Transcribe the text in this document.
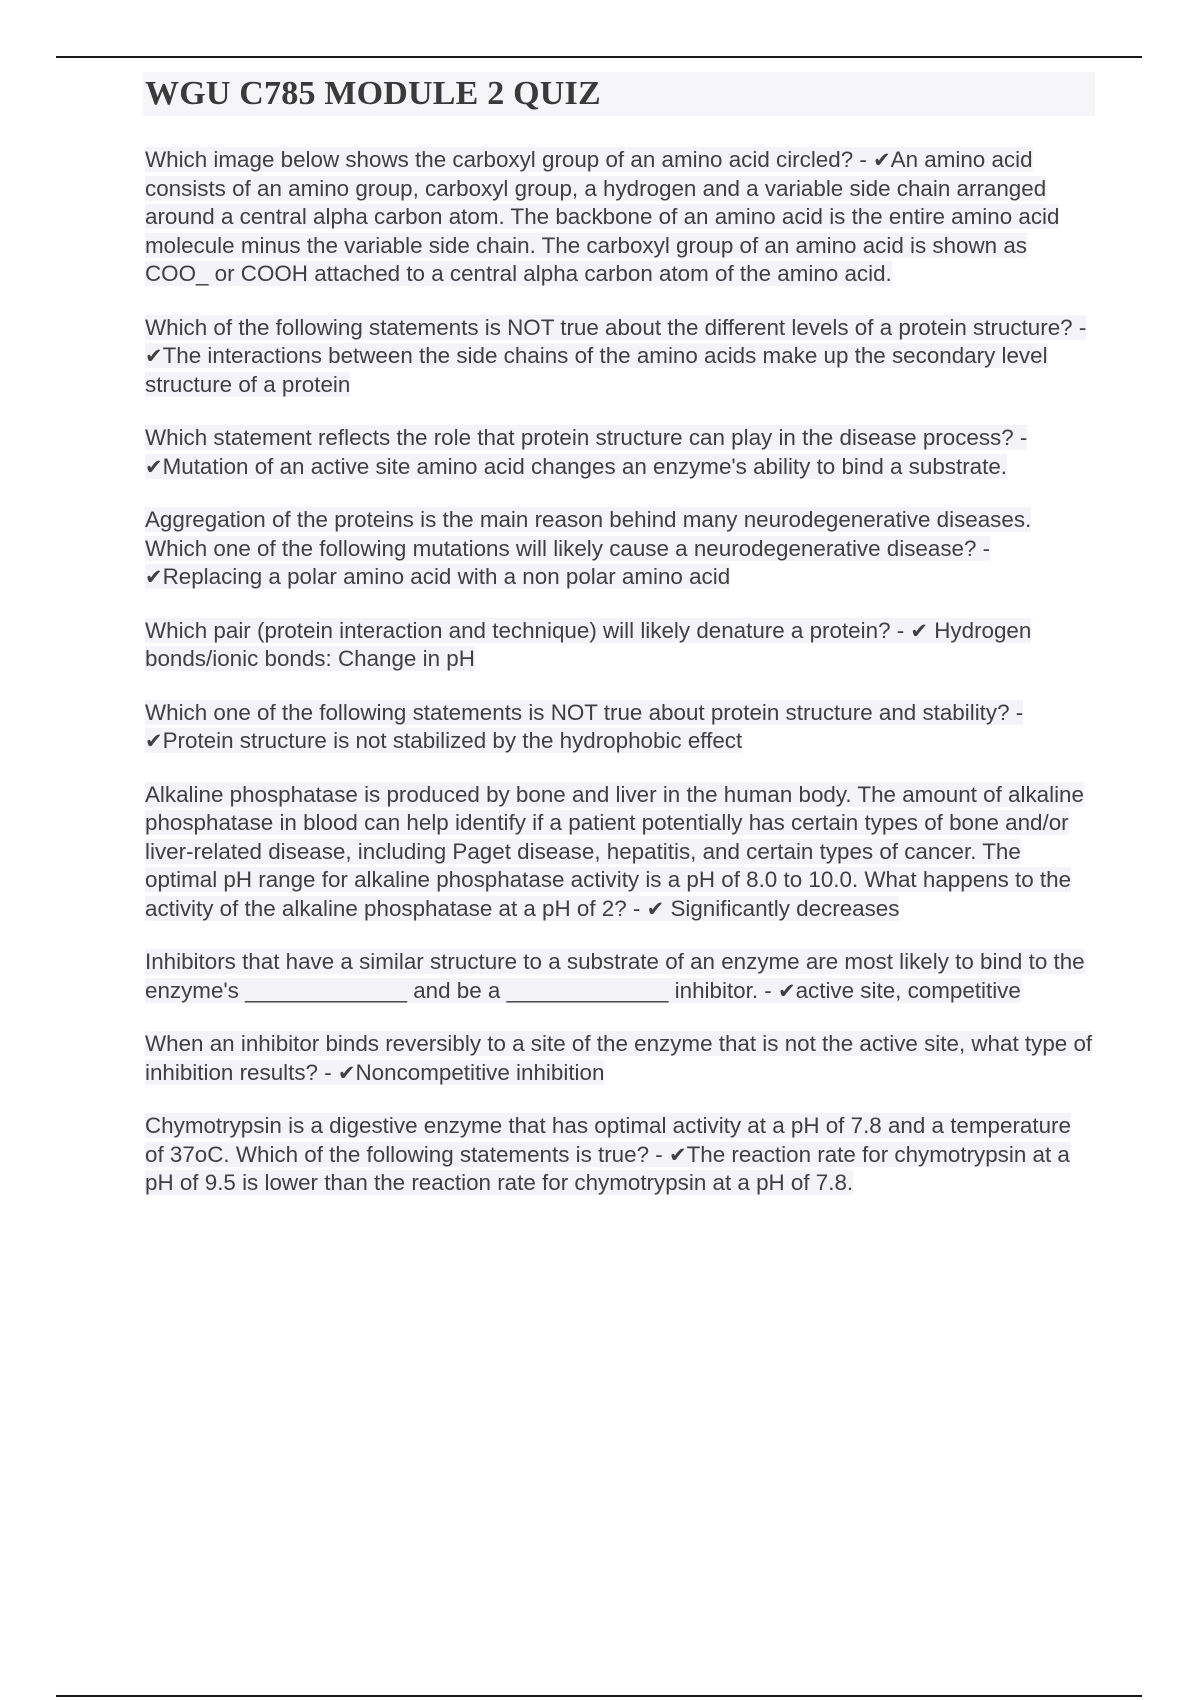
WGU C785 MODULE 2 QUIZ

Which image below shows the carboxyl group of an amino acid circled? - ✔An amino acid consists of an amino group, carboxyl group, a hydrogen and a variable side chain arranged around a central alpha carbon atom. The backbone of an amino acid is the entire amino acid molecule minus the variable side chain. The carboxyl group of an amino acid is shown as COO_ or COOH attached to a central alpha carbon atom of the amino acid.

Which of the following statements is NOT true about the different levels of a protein structure? - ✔The interactions between the side chains of the amino acids make up the secondary level structure of a protein

Which statement reflects the role that protein structure can play in the disease process? - ✔Mutation of an active site amino acid changes an enzyme's ability to bind a substrate.

Aggregation of the proteins is the main reason behind many neurodegenerative diseases. Which one of the following mutations will likely cause a neurodegenerative disease? - ✔Replacing a polar amino acid with a non polar amino acid

Which pair (protein interaction and technique) will likely denature a protein? - ✔ Hydrogen bonds/ionic bonds: Change in pH

Which one of the following statements is NOT true about protein structure and stability? - ✔Protein structure is not stabilized by the hydrophobic effect

Alkaline phosphatase is produced by bone and liver in the human body. The amount of alkaline phosphatase in blood can help identify if a patient potentially has certain types of bone and/or liver-related disease, including Paget disease, hepatitis, and certain types of cancer. The optimal pH range for alkaline phosphatase activity is a pH of 8.0 to 10.0. What happens to the activity of the alkaline phosphatase at a pH of 2? - ✔ Significantly decreases

Inhibitors that have a similar structure to a substrate of an enzyme are most likely to bind to the enzyme's _____________ and be a _____________ inhibitor. - ✔active site, competitive

When an inhibitor binds reversibly to a site of the enzyme that is not the active site, what type of inhibition results? - ✔Noncompetitive inhibition

Chymotrypsin is a digestive enzyme that has optimal activity at a pH of 7.8 and a temperature of 37oC. Which of the following statements is true? - ✔The reaction rate for chymotrypsin at a pH of 9.5 is lower than the reaction rate for chymotrypsin at a pH of 7.8.
